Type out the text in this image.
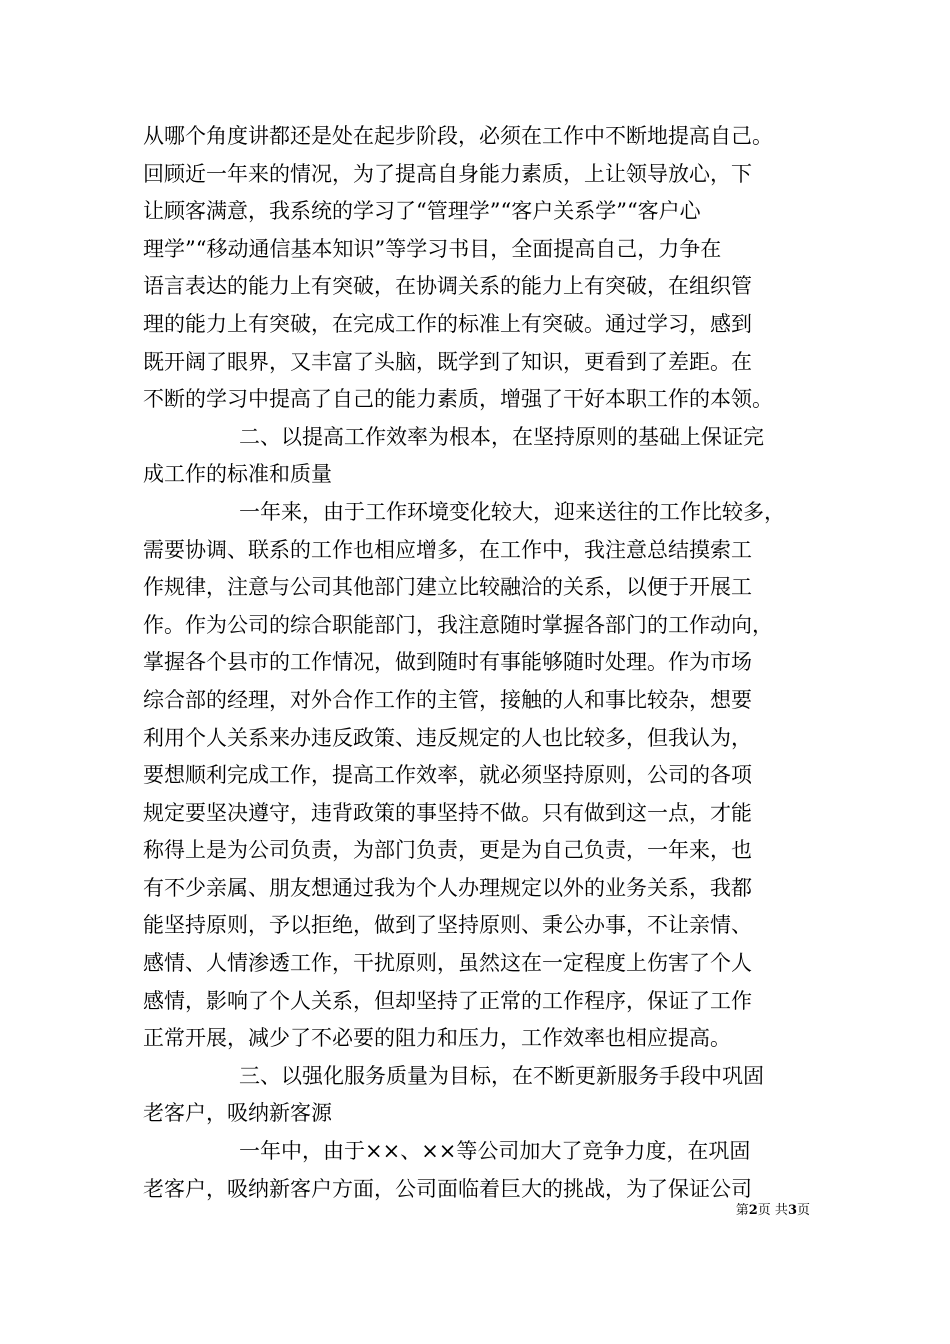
从哪个角度讲都还是处在起步阶段，必须在工作中不断地提高自己。
回顾近一年来的情况，为了提高自身能力素质，上让领导放心，下
让顾客满意，我系统的学习了“管理学”“客户关系学”“客户心
理学”“移动通信基本知识”等学习书目，全面提高自己，力争在
语言表达的能力上有突破，在协调关系的能力上有突破，在组织管
理的能力上有突破，在完成工作的标准上有突破。通过学习，感到
既开阔了眼界，又丰富了头脑，既学到了知识，更看到了差距。在
不断的学习中提高了自己的能力素质，增强了干好本职工作的本领。
二、以提高工作效率为根本，在坚持原则的基础上保证完
成工作的标准和质量
一年来，由于工作环境变化较大，迎来送往的工作比较多，
需要协调、联系的工作也相应增多，在工作中，我注意总结摸索工
作规律，注意与公司其他部门建立比较融洽的关系，以便于开展工
作。作为公司的综合职能部门，我注意随时掌握各部门的工作动向，
掌握各个县市的工作情况，做到随时有事能够随时处理。作为市场
综合部的经理，对外合作工作的主管，接触的人和事比较杂，想要
利用个人关系来办违反政策、违反规定的人也比较多，但我认为，
要想顺利完成工作，提高工作效率，就必须坚持原则，公司的各项
规定要坚决遵守，违背政策的事坚持不做。只有做到这一点，才能
称得上是为公司负责，为部门负责，更是为自己负责，一年来，也
有不少亲属、朋友想通过我为个人办理规定以外的业务关系，我都
能坚持原则，予以拒绝，做到了坚持原则、秉公办事，不让亲情、
感情、人情渗透工作，干扰原则，虽然这在一定程度上伤害了个人
感情，影响了个人关系，但却坚持了正常的工作程序，保证了工作
正常开展，减少了不必要的阻力和压力，工作效率也相应提高。
三、以强化服务质量为目标，在不断更新服务手段中巩固
老客户，吸纳新客源
一年中，由于××、××等公司加大了竞争力度，在巩固
老客户，吸纳新客户方面，公司面临着巨大的挑战，为了保证公司
第2页 共3页
